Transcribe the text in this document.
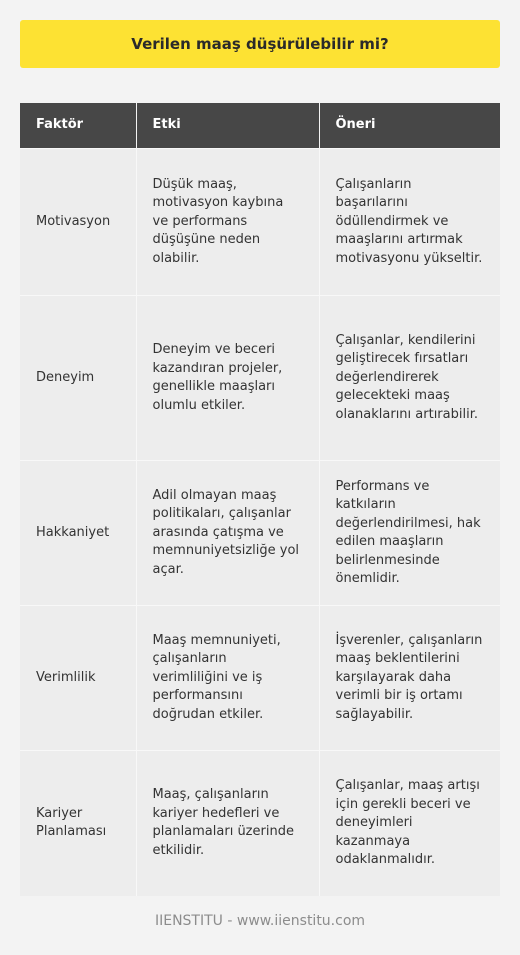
Verilen maaş düşürülebilir mi?
Faktör	Etki	Öneri
Motivasyon	Düşük maaş, motivasyon kaybına ve performans düşüşüne neden olabilir.	Çalışanların başarılarını ödüllendirmek ve maaşlarını artırmak motivasyonu yükseltir.
Deneyim	Deneyim ve beceri kazandıran projeler, genellikle maaşları olumlu etkiler.	Çalışanlar, kendilerini geliştirecek fırsatları değerlendirerek gelecekteki maaş olanaklarını artırabilir.
Hakkaniyet	Adil olmayan maaş politikaları, çalışanlar arasında çatışma ve memnuniyetsizliğe yol açar.	Performans ve katkıların değerlendirilmesi, hak edilen maaşların belirlenmesinde önemlidir.
Verimlilik	Maaş memnuniyeti, çalışanların verimliliğini ve iş performansını doğrudan etkiler.	İşverenler, çalışanların maaş beklentilerini karşılayarak daha verimli bir iş ortamı sağlayabilir.
Kariyer Planlaması	Maaş, çalışanların kariyer hedefleri ve planlamaları üzerinde etkilidir.	Çalışanlar, maaş artışı için gerekli beceri ve deneyimleri kazanmaya odaklanmalıdır.
IIENSTITU - www.iienstitu.com
